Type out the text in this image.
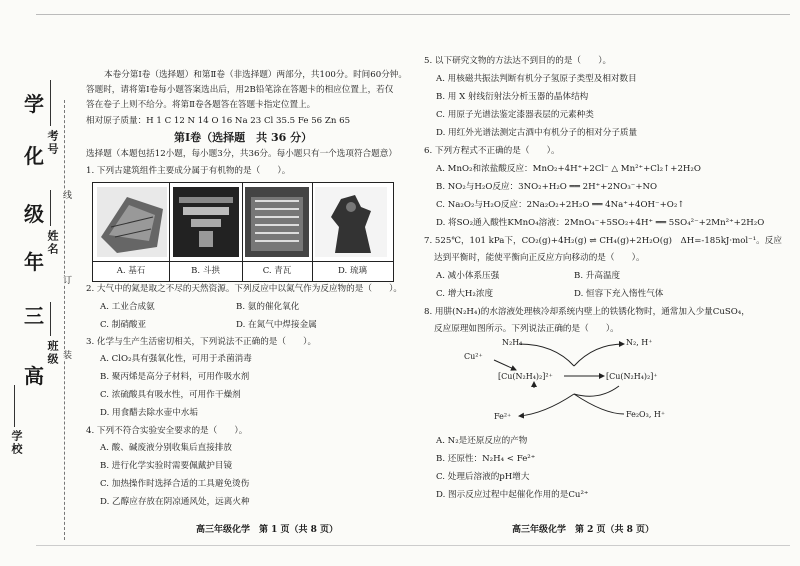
学校
班级
姓名
考号
高
三
年
级
化
学
线
订
装
本卷分第Ⅰ卷（选择题）和第Ⅱ卷（非选择题）两部分，共100分。时间60分钟。
答题时，请将第Ⅰ卷每小题答案选出后，用2B铅笔涂在答题卡的相应位置上，若仅
答在卷子上则不给分。将第Ⅱ卷各题答在答题卡指定位置上。
相对原子质量：H 1 C 12 N 14 O 16 Na 23 Cl 35.5 Fe 56 Zn 65
第Ⅰ卷（选择题　共 36 分）
选择题（本题包括12小题，每小题3分，共36分。每小题只有一个选项符合题意）
1. 下列古建筑组件主要成分属于有机物的是（　　）。
A. 基石	B. 斗拱	C. 青瓦	D. 琉璃
2. 大气中的氮是取之不尽的天然资源。下列反应中以氮气作为反应物的是（　　）。
A. 工业合成氨	B. 氨的催化氧化
C. 制硝酸亚	D. 在氮气中焊接金属
3. 化学与生产生活密切相关，下列说法不正确的是（　　）。
A. ClO₂具有强氧化性，可用于杀菌消毒
B. 聚丙烯是高分子材料，可用作吸水剂
C. 浓硫酸具有吸水性，可用作干燥剂
D. 用食醋去除水壶中水垢
4. 下列不符合实验安全要求的是（　　）。
A. 酸、碱废液分别收集后直接排放
B. 进行化学实验时需要佩戴护目镜
C. 加热操作时选择合适的工具避免烫伤
D. 乙醇应存放在阴凉通风处，远离火种
高三年级化学　第 1 页（共 8 页）
5. 以下研究文物的方法达不到目的的是（　　）。
A. 用核磁共振法判断有机分子氢原子类型及相对数目
B. 用 X 射线衍射法分析玉器的晶体结构
C. 用原子光谱法鉴定漆器表层的元素种类
D. 用红外光谱法测定古酒中有机分子的相对分子质量
6. 下列方程式不正确的是（　　）。
A. MnO₂和浓盐酸反应：MnO₂+4H⁺+2Cl⁻ △ Mn²⁺+Cl₂↑+2H₂O
B. NO₂与H₂O反应：3NO₂+H₂O ══ 2H⁺+2NO₃⁻+NO
C. Na₂O₂与H₂O反应：2Na₂O₂+2H₂O ══ 4Na⁺+4OH⁻+O₂↑
D. 将SO₂通入酸性KMnO₄溶液：2MnO₄⁻+5SO₂+4H⁺ ══ 5SO₄²⁻+2Mn²⁺+2H₂O
7. 525℃，101 kPa下，CO₂(g)+4H₂(g) ⇌ CH₄(g)+2H₂O(g)　ΔH=-185kJ·mol⁻¹。反应
达到平衡时，能使平衡向正反应方向移动的是（　　）。
A. 减小体系压强	B. 升高温度
C. 增大H₂浓度	D. 恒容下充入惰性气体
8. 用肼(N₂H₄)的水溶液处理核冷却系统内壁上的铁锈化物时，通常加入少量CuSO₄，
反应原理如图所示。下列说法正确的是（　　）。
N₂H₄	N₂, H⁺
Cu²⁺
[Cu(N₂H₄)₂]²⁺	[Cu(N₂H₄)₂]⁺
Fe²⁺	Fe₂O₃, H⁺
A. N₂是还原反应的产物
B. 还原性：N₂H₄ < Fe²⁺
C. 处理后溶液的pH增大
D. 图示反应过程中起催化作用的是Cu²⁺
高三年级化学　第 2 页（共 8 页）
